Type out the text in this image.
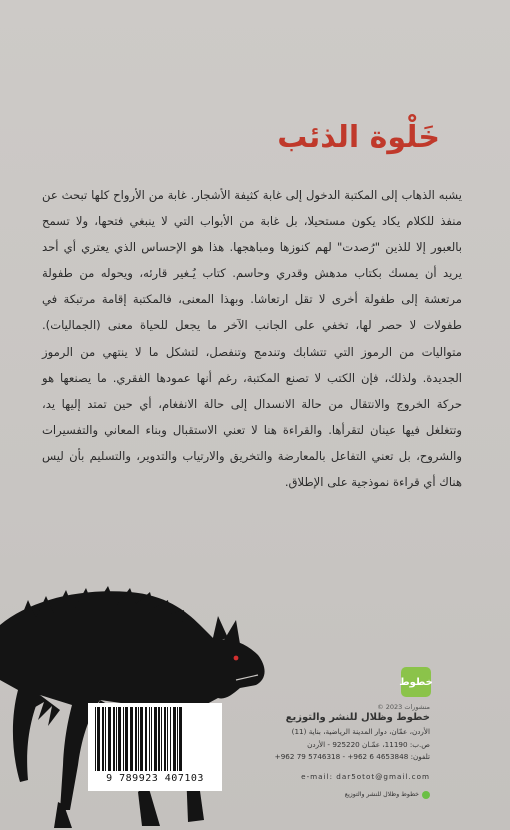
خَلْوة الذئب

يشبه الذهاب إلى المكتبة الدخول إلى غابة كثيفة الأشجار. غابة من الأرواح كلها تبحث عن منفذ للكلام يكاد يكون مستحيلا، بل غابة من الأبواب التي لا ينبغي فتحها، ولا تسمح بالعبور إلا للذين "رُصدت" لهم كنوزها ومباهجها. هذا هو الإحساس الذي يعتري أي أحد يريد أن يمسك بكتاب مدهش وقدري وحاسم. كتاب يُـغير قارئه، ويحوله من طفولة مرتعشة إلى طفولة أخرى لا تقل ارتعاشا. وبهذا المعنى، فالمكتبة إقامة مرتبكة في طفولات لا حصر لها، تخفي على الجانب الآخر ما يجعل للحياة معنى (الجماليات). متواليات من الرموز التي تتشابك وتندمج وتنفصل، لتشكل ما لا ينتهي من الرموز الجديدة. ولذلك، فإن الكتب لا تصنع المكتبة، رغم أنها عمودها الفقري. ما يصنعها هو حركة الخروج والانتقال من حالة الانسدال إلى حالة الانفغام، أي حين تمتد إليها يد، وتتغلغل فيها عينان لتقرأها. والقراءة هنا لا تعني الاستقبال وبناء المعاني والتفسيرات والشروح، بل تعني التفاعل بالمعارضة والتخريق والارتياب والتدوير، والتسليم بأن ليس هناك أي قراءة نموذجية على الإطلاق.

9 789923 407103
خطوط
منشورات 2023 ©

خطوط وظلال للنشر والتوزيع

الأردن، عمّان، دوار المدينة الرياضية، بناية (11)

ص.ب: 11190، عمّـان 925220 - الأردن

تلفون: 4653848 6 962+ - 5746318 79 962+

e-mail: dar5otot@gmail.com

خطوط وظلال للنشر والتوزيع
